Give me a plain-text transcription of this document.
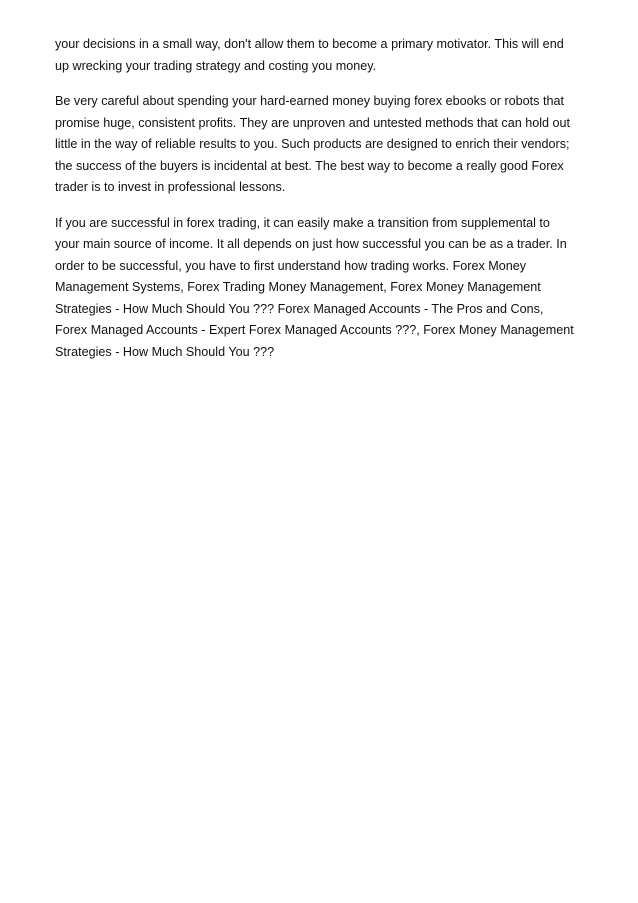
your decisions in a small way, don't allow them to become a primary motivator. This will end up wrecking your trading strategy and costing you money.

Be very careful about spending your hard-earned money buying forex ebooks or robots that promise huge, consistent profits. They are unproven and untested methods that can hold out little in the way of reliable results to you. Such products are designed to enrich their vendors; the success of the buyers is incidental at best. The best way to become a really good Forex trader is to invest in professional lessons.

If you are successful in forex trading, it can easily make a transition from supplemental to your main source of income. It all depends on just how successful you can be as a trader. In order to be successful, you have to first understand how trading works. Forex Money Management Systems, Forex Trading Money Management, Forex Money Management Strategies - How Much Should You ??? Forex Managed Accounts - The Pros and Cons, Forex Managed Accounts - Expert Forex Managed Accounts ???, Forex Money Management Strategies - How Much Should You ???
